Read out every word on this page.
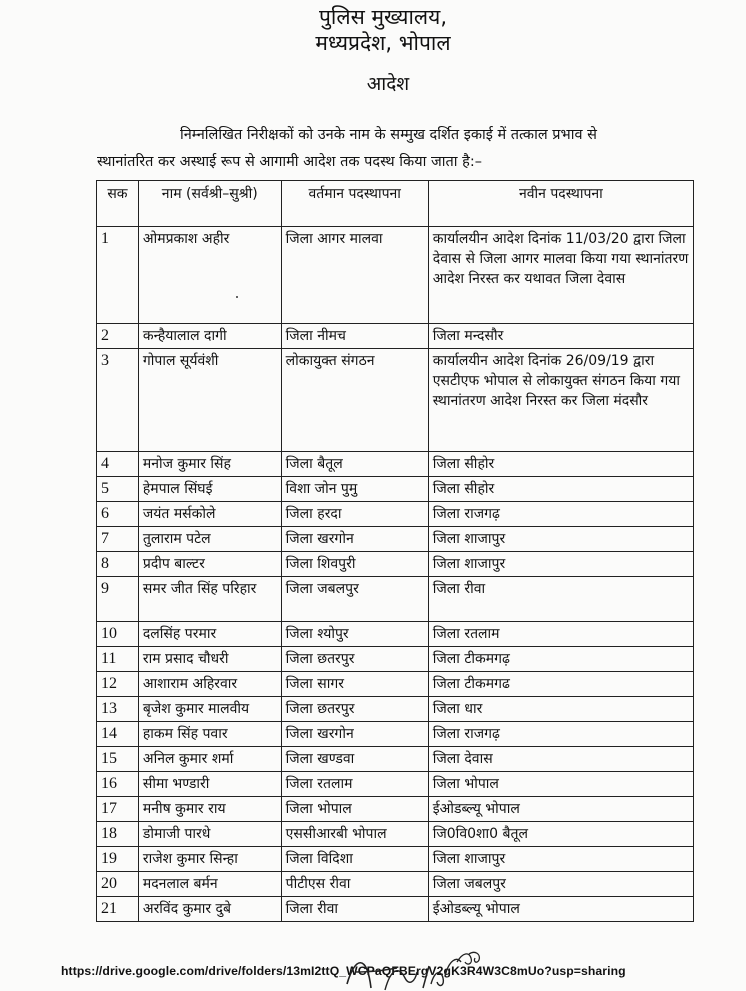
पुलिस मुख्यालय,
मध्यप्रदेश, भोपाल
आदेश
निम्नलिखित निरीक्षकों को उनके नाम के सम्मुख दर्शित इकाई में तत्काल प्रभाव से
स्थानांतरित कर अस्थाई रूप से आगामी आदेश तक पदस्थ किया जाता है:–
सक	नाम (सर्वश्री–सुश्री)	वर्तमान पदस्थापना	नवीन पदस्थापना
1	ओमप्रकाश अहीर	जिला आगर मालवा	कार्यालयीन आदेश दिनांक 11/03/20 द्वारा जिला देवास से जिला आगर मालवा किया गया स्थानांतरण आदेश निरस्त कर यथावत जिला देवास
2	कन्हैयालाल दागी	जिला नीमच	जिला मन्दसौर
3	गोपाल सूर्यवंशी	लोकायुक्त संगठन	कार्यालयीन आदेश दिनांक 26/09/19 द्वारा एसटीएफ भोपाल से लोकायुक्त संगठन किया गया स्थानांतरण आदेश निरस्त कर जिला मंदसौर
4	मनोज कुमार सिंह	जिला बैतूल	जिला सीहोर
5	हेमपाल सिंघई	विशा जोन पुमु	जिला सीहोर
6	जयंत मर्सकोले	जिला हरदा	जिला राजगढ़
7	तुलाराम पटेल	जिला खरगोन	जिला शाजापुर
8	प्रदीप बाल्टर	जिला शिवपुरी	जिला शाजापुर
9	समर जीत सिंह परिहार	जिला जबलपुर	जिला रीवा
10	दलसिंह परमार	जिला श्योपुर	जिला रतलाम
11	राम प्रसाद चौधरी	जिला छतरपुर	जिला टीकमगढ़
12	आशाराम अहिरवार	जिला सागर	जिला टीकमगढ
13	बृजेश कुमार मालवीय	जिला छतरपुर	जिला धार
14	हाकम सिंह पवार	जिला खरगोन	जिला राजगढ़
15	अनिल कुमार शर्मा	जिला खण्डवा	जिला देवास
16	सीमा भण्डारी	जिला रतलाम	जिला भोपाल
17	मनीष कुमार राय	जिला भोपाल	ईओडब्ल्यू भोपाल
18	डोमाजी पारधे	एससीआरबी भोपाल	जि0वि0शा0 बैतूल
19	राजेश कुमार सिन्हा	जिला विदिशा	जिला शाजापुर
20	मदनलाल बर्मन	पीटीएस रीवा	जिला जबलपुर
21	अरविंद कुमार दुबे	जिला रीवा	ईओडब्ल्यू भोपाल
https://drive.google.com/drive/folders/13mI2ttQ_WCPaQFBErgV2gK3R4W3C8mUo?usp=sharing
